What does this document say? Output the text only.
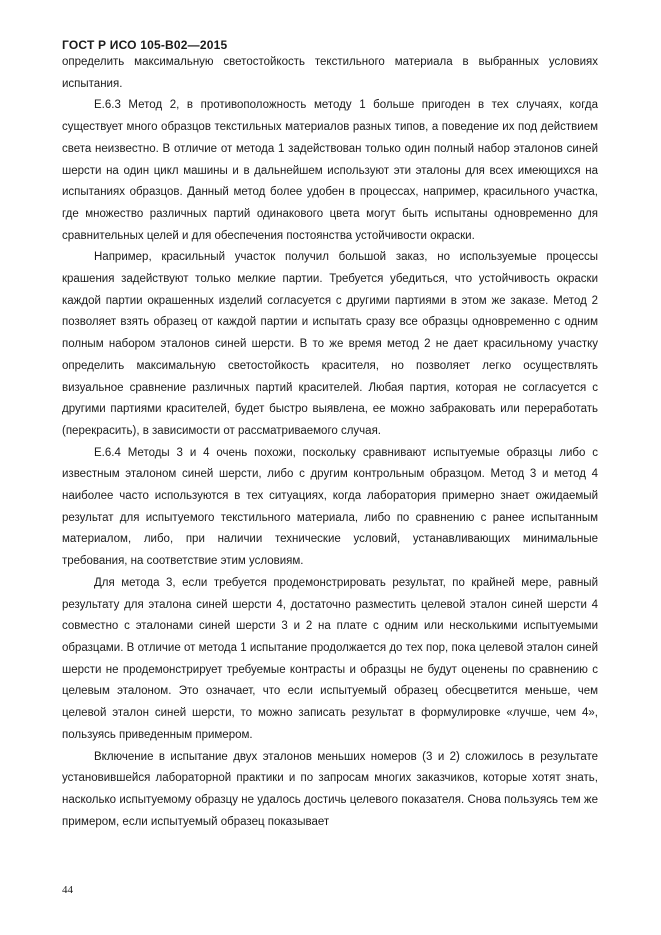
ГОСТ Р ИСО 105-В02—2015

определить максимальную светостойкость текстильного материала в выбранных условиях испытания.

Е.6.3 Метод 2, в противоположность методу 1 больше пригоден в тех случаях, когда существует много образцов текстильных материалов разных типов, а поведение их под действием света неизвестно. В отличие от метода 1 задействован только один полный набор эталонов синей шерсти на один цикл машины и в дальнейшем используют эти эталоны для всех имеющихся на испытаниях образцов. Данный метод более удобен в процессах, например, красильного участка, где множество различных партий одинакового цвета могут быть испытаны одновременно для сравнительных целей и для обеспечения постоянства устойчивости окраски.

Например, красильный участок получил большой заказ, но используемые процессы крашения задействуют только мелкие партии. Требуется убедиться, что устойчивость окраски каждой партии окрашенных изделий согласуется с другими партиями в этом же заказе. Метод 2 позволяет взять образец от каждой партии и испытать сразу все образцы одновременно с одним полным набором эталонов синей шерсти. В то же время метод 2 не дает красильному участку определить максимальную светостойкость красителя, но позволяет легко осуществлять визуальное сравнение различных партий красителей. Любая партия, которая не согласуется с другими партиями красителей, будет быстро выявлена, ее можно забраковать или переработать (перекрасить), в зависимости от рассматриваемого случая.

Е.6.4 Методы 3 и 4 очень похожи, поскольку сравнивают испытуемые образцы либо с известным эталоном синей шерсти, либо с другим контрольным образцом. Метод 3 и метод 4 наиболее часто используются в тех ситуациях, когда лаборатория примерно знает ожидаемый результат для испытуемого текстильного материала, либо по сравнению с ранее испытанным материалом, либо, при наличии технические условий, устанавливающих минимальные требования, на соответствие этим условиям.

Для метода 3, если требуется продемонстрировать результат, по крайней мере, равный результату для эталона синей шерсти 4, достаточно разместить целевой эталон синей шерсти 4 совместно с эталонами синей шерсти 3 и 2 на плате с одним или несколькими испытуемыми образцами. В отличие от метода 1 испытание продолжается до тех пор, пока целевой эталон синей шерсти не продемонстрирует требуемые контрасты и образцы не будут оценены по сравнению с целевым эталоном. Это означает, что если испытуемый образец обесцветится меньше, чем целевой эталон синей шерсти, то можно записать результат в формулировке «лучше, чем 4», пользуясь приведенным примером.

Включение в испытание двух эталонов меньших номеров (3 и 2) сложилось в результате установившейся лабораторной практики и по запросам многих заказчиков, которые хотят знать, насколько испытуемому образцу не удалось достичь целевого показателя. Снова пользуясь тем же примером, если испытуемый образец показывает

44
